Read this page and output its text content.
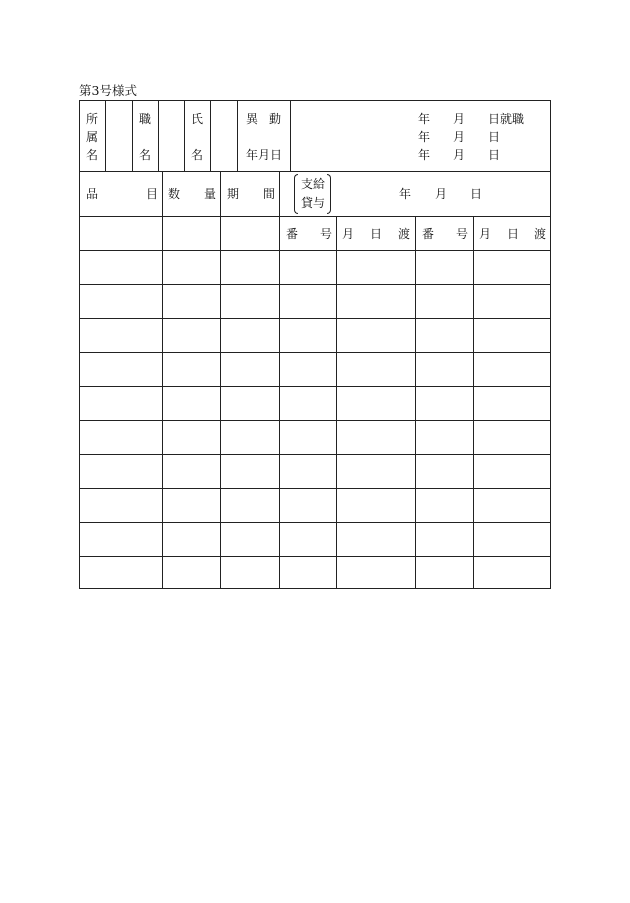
第3号様式
所
属
名
職
名
氏
名
異 動
年月日
年 月 日就職
年 月 日
年 月 日
品	目 数 量 期 間
支給
貸与
年 月 日
番 号 月 日 渡 番 号 月 日 渡
